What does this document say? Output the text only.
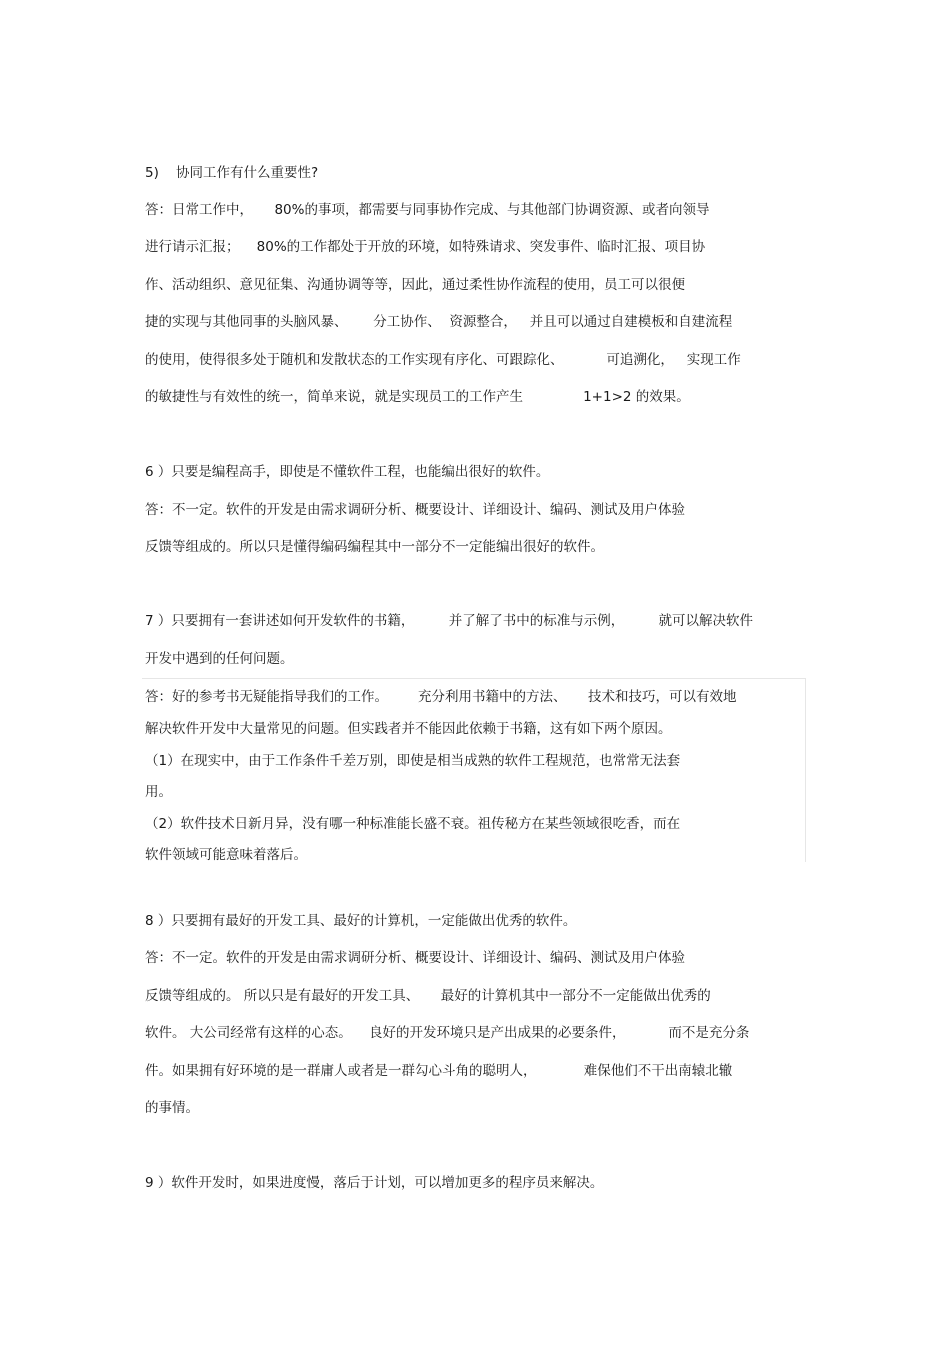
5)    协同工作有什么重要性?
答：日常工作中，     80%的事项，都需要与同事协作完成、与其他部门协调资源、或者向领导
进行请示汇报；    80%的工作都处于开放的环境，如特殊请求、突发事件、临时汇报、项目协
作、活动组织、意见征集、沟通协调等等，因此，通过柔性协作流程的使用，员工可以很便
捷的实现与其他同事的头脑风暴、      分工协作、  资源整合，   并且可以通过自建模板和自建流程
的使用，使得很多处于随机和发散状态的工作实现有序化、可跟踪化、          可追溯化，   实现工作
的敏捷性与有效性的统一，简单来说，就是实现员工的工作产生              1+1>2 的效果。
6 ）只要是编程高手，即使是不懂软件工程，也能编出很好的软件。
答：不一定。软件的开发是由需求调研分析、概要设计、详细设计、编码、测试及用户体验
反馈等组成的。所以只是懂得编码编程其中一部分不一定能编出很好的软件。
7 ）只要拥有一套讲述如何开发软件的书籍，        并了解了书中的标准与示例，        就可以解决软件
开发中遇到的任何问题。
答：好的参考书无疑能指导我们的工作。       充分利用书籍中的方法、     技术和技巧，可以有效地
解决软件开发中大量常见的问题。但实践者并不能因此依赖于书籍，这有如下两个原因。
（1）在现实中，由于工作条件千差万别，即使是相当成熟的软件工程规范，也常常无法套
用。
（2）软件技术日新月异，没有哪一种标准能长盛不衰。祖传秘方在某些领域很吃香，而在
软件领域可能意味着落后。
8 ）只要拥有最好的开发工具、最好的计算机，一定能做出优秀的软件。
答：不一定。软件的开发是由需求调研分析、概要设计、详细设计、编码、测试及用户体验
反馈等组成的。 所以只是有最好的开发工具、     最好的计算机其中一部分不一定能做出优秀的
软件。 大公司经常有这样的心态。    良好的开发环境只是产出成果的必要条件，          而不是充分条
件。如果拥有好环境的是一群庸人或者是一群勾心斗角的聪明人，           难保他们不干出南辕北辙
的事情。
9 ）软件开发时，如果进度慢，落后于计划，可以增加更多的程序员来解决。
